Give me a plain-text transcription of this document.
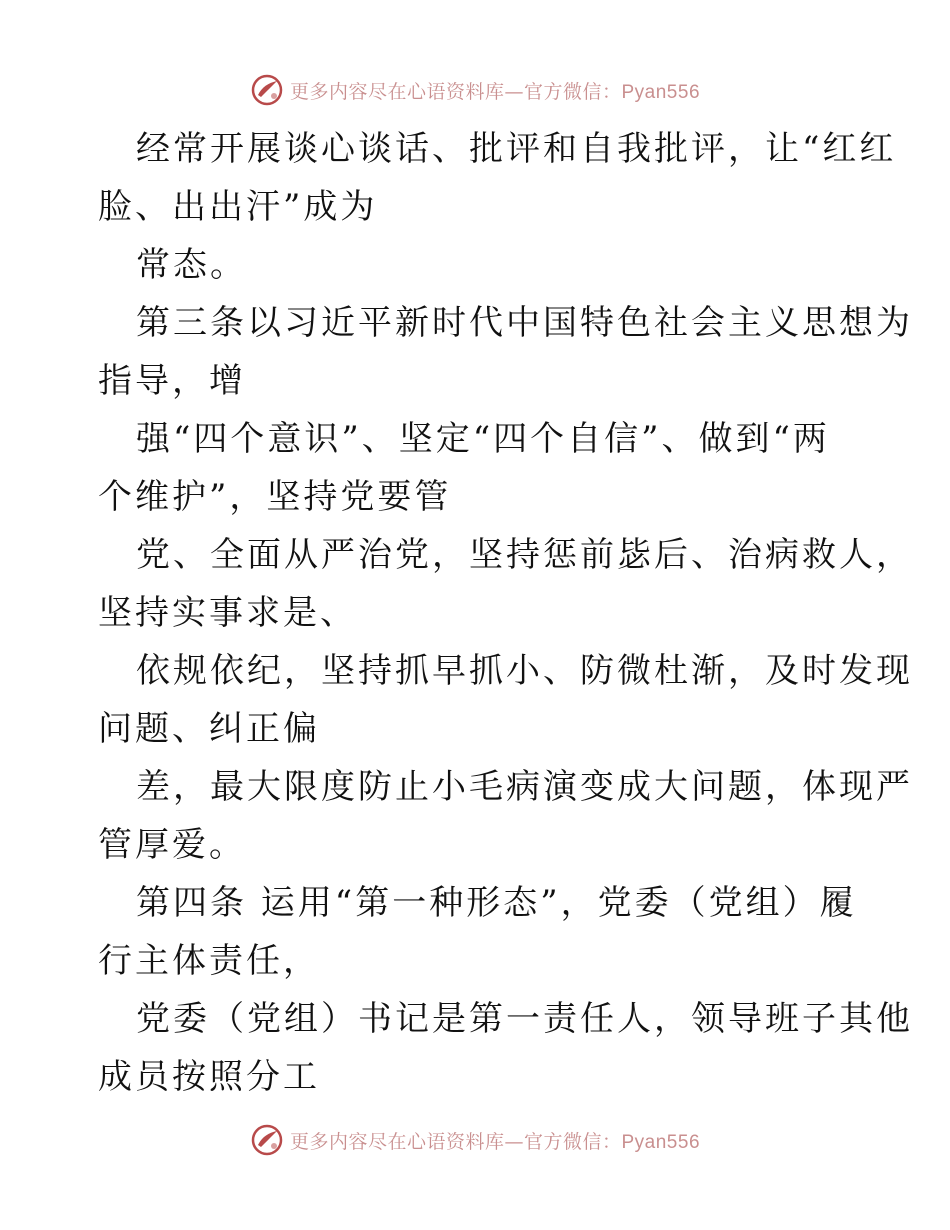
更多内容尽在心语资料库—官方微信：Pyan556
经常开展谈心谈话、批评和自我批评，让“红红
脸、出出汗”成为
常态。
第三条以习近平新时代中国特色社会主义思想为
指导，增
强“四个意识”、坚定“四个自信”、做到“两
个维护”，坚持党要管
党、全面从严治党，坚持惩前毖后、治病救人，
坚持实事求是、
依规依纪，坚持抓早抓小、防微杜渐，及时发现
问题、纠正偏
差，最大限度防止小毛病演变成大问题，体现严
管厚爱。
第四条 运用“第一种形态”，党委（党组）履
行主体责任，
党委（党组）书记是第一责任人，领导班子其他
成员按照分工
更多内容尽在心语资料库—官方微信：Pyan556
